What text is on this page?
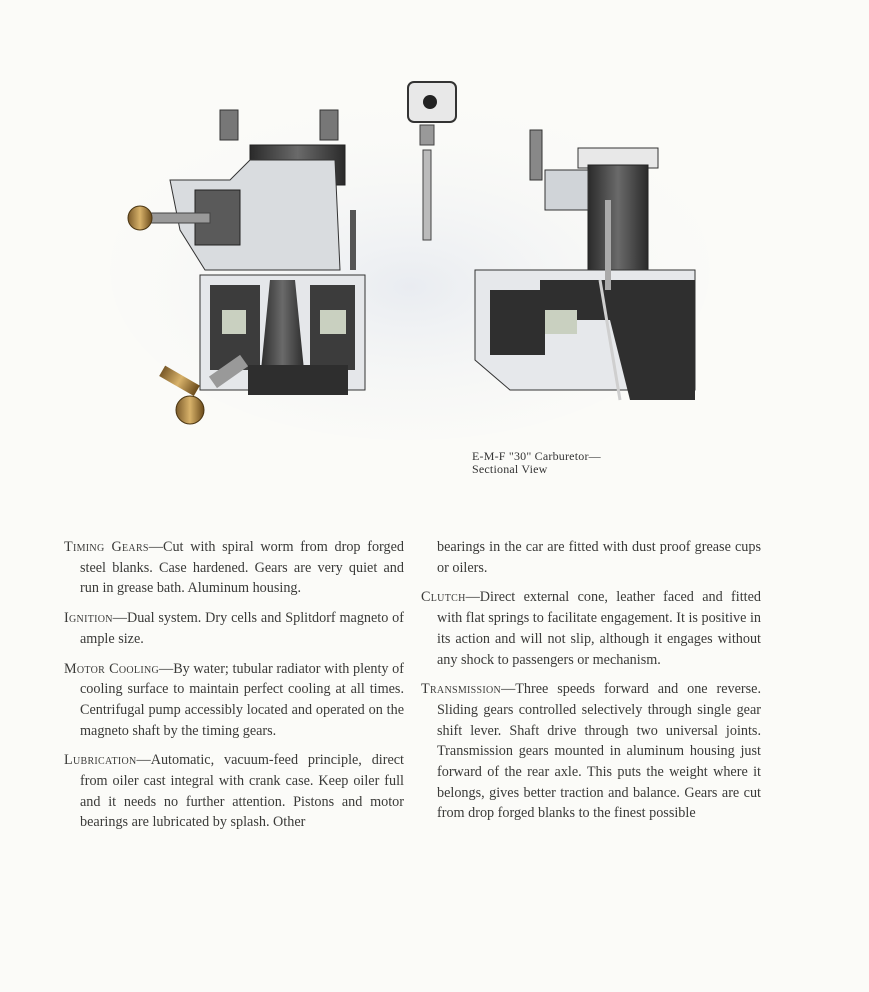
E-M-F "30" Carburetor—
Sectional View

Timing Gears—Cut with spiral worm from drop forged steel blanks. Case hardened. Gears are very quiet and run in grease bath. Aluminum housing.

Ignition—Dual system. Dry cells and Splitdorf magneto of ample size.

Motor Cooling—By water; tubular radiator with plenty of cooling surface to maintain perfect cooling at all times. Centrifugal pump accessibly located and operated on the magneto shaft by the timing gears.

Lubrication—Automatic, vacuum-feed principle, direct from oiler cast integral with crank case. Keep oiler full and it needs no further attention. Pistons and motor bearings are lubricated by splash. Other

bearings in the car are fitted with dust proof grease cups or oilers.

Clutch—Direct external cone, leather faced and fitted with flat springs to facilitate engagement. It is positive in its action and will not slip, although it engages without any shock to passengers or mechanism.

Transmission—Three speeds forward and one reverse. Sliding gears controlled selectively through single gear shift lever. Shaft drive through two universal joints. Transmission gears mounted in aluminum housing just forward of the rear axle. This puts the weight where it belongs, gives better traction and balance. Gears are cut from drop forged blanks to the finest possible
